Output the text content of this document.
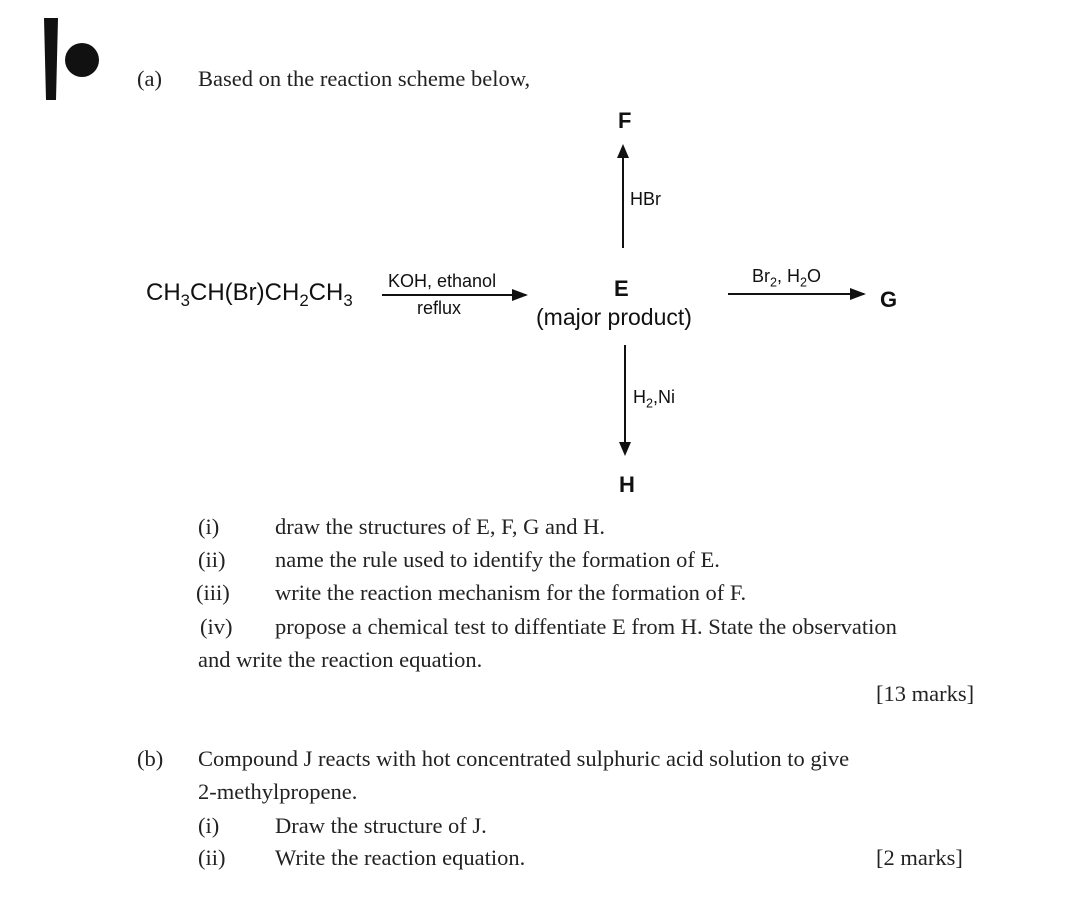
(a) Based on the reaction scheme below,
F
HBr
$CH_3CH(Br)CH_2CH_3$
KOH, ethanol
reflux
E
(major product)
$Br_2$, $H_2O$
G
$H_2,Ni$
H
(i) draw the structures of E, F, G and H.
(ii) name the rule used to identify the formation of E.
(iii) write the reaction mechanism for the formation of F.
(iv) propose a chemical test to diffentiate E from H. State the observation
and write the reaction equation.
[13 marks]
(b) Compound J reacts with hot concentrated sulphuric acid solution to give
2-methylpropene.
(i) Draw the structure of J.
(ii) Write the reaction equation.	[2 marks]
